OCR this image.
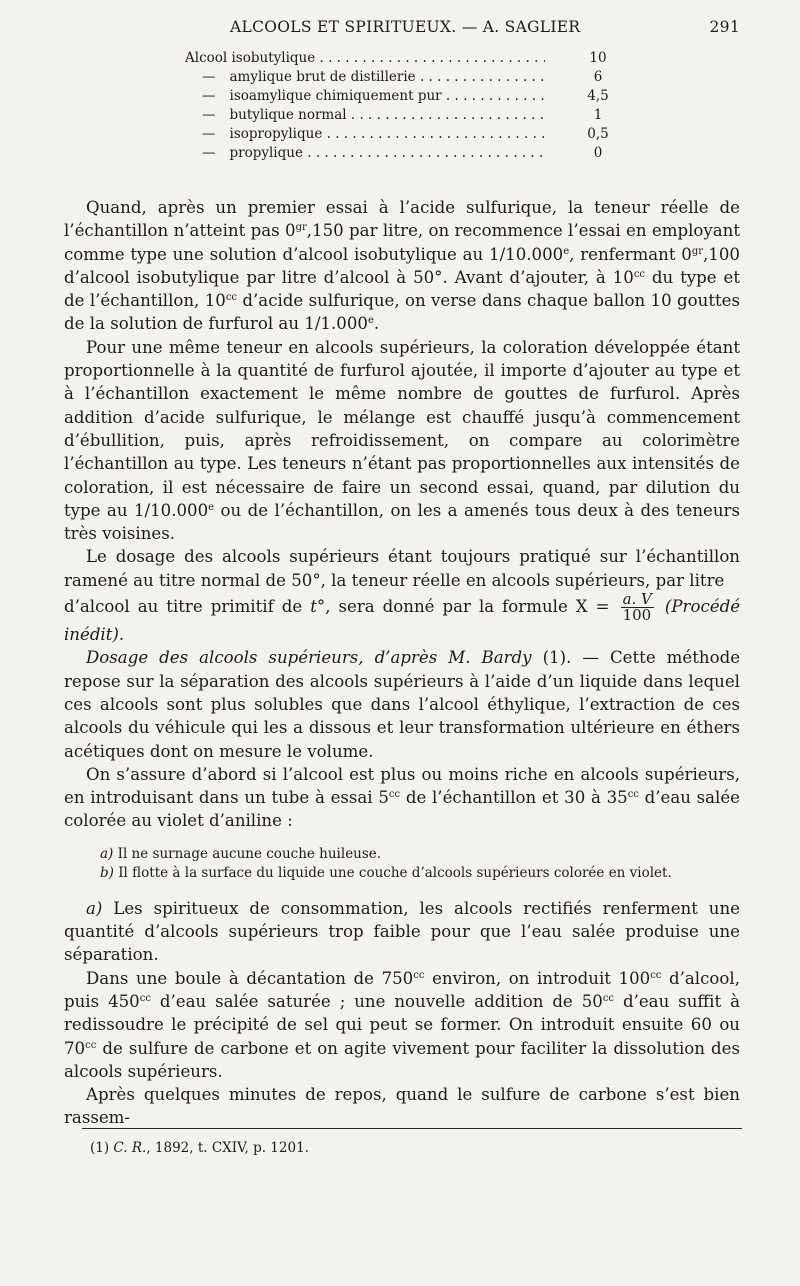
ALCOOLS ET SPIRITUEUX. — A. SAGLIER	291
Alcool isobutylique . . .	10
— amylique brut de distillerie . . .	6
— isoamylique chimiquement pur . . .	4,5
— butylique normal . . .	1
— isopropylique . . .	0,5
— propylique . . .	0

Quand, après un premier essai à l’acide sulfurique, la teneur réelle de l’échantillon n’atteint pas $0^{gr},150$ par litre, on recommence l’essai en employant comme type une solution d’alcool isobutylique au 1/10.000e, renfermant $0^{gr},100$ d’alcool isobutylique par litre d’alcool à 50°. Avant d’ajouter, à $10^{cc}$ du type et de l’échantillon, $10^{cc}$ d’acide sulfurique, on verse dans chaque ballon 10 gouttes de la solution de furfurol au 1/1.000e.

Pour une même teneur en alcools supérieurs, la coloration développée étant proportionnelle à la quantité de furfurol ajoutée, il importe d’ajouter au type et à l’échantillon exactement le même nombre de gouttes de furfurol. Après addition d’acide sulfurique, le mélange est chauffé jusqu’à commencement d’ébullition, puis, après refroidissement, on compare au colorimètre l’échantillon au type. Les teneurs n’étant pas proportionnelles aux intensités de coloration, il est nécessaire de faire un second essai, quand, par dilution du type au 1/10.000e ou de l’échantillon, on les a amenés tous deux à des teneurs très voisines.

Le dosage des alcools supérieurs étant toujours pratiqué sur l’échantillon ramené au titre normal de 50°, la teneur réelle en alcools supérieurs, par litre

d’alcool au titre primitif de t°, sera donné par la formule $X = \frac{a. V}{100}$ (Procédé

inédit).

Dosage des alcools supérieurs, d’après M. Bardy (1). — Cette méthode repose sur la séparation des alcools supérieurs à l’aide d’un liquide dans lequel ces alcools sont plus solubles que dans l’alcool éthylique, l’extraction de ces alcools du véhicule qui les a dissous et leur transformation ultérieure en éthers acétiques dont on mesure le volume.

On s’assure d’abord si l’alcool est plus ou moins riche en alcools supérieurs, en introduisant dans un tube à essai $5^{cc}$ de l’échantillon et 30 à $35^{cc}$ d’eau salée colorée au violet d’aniline :

a) Il ne surnage aucune couche huileuse.
b) Il flotte à la surface du liquide une couche d’alcools supérieurs colorée en violet.

a) Les spiritueux de consommation, les alcools rectifiés renferment une quantité d’alcools supérieurs trop faible pour que l’eau salée produise une séparation.

Dans une boule à décantation de $750^{cc}$ environ, on introduit $100^{cc}$ d’alcool, puis $450^{cc}$ d’eau salée saturée ; une nouvelle addition de $50^{cc}$ d’eau suffit à redissoudre le précipité de sel qui peut se former. On introduit ensuite 60 ou $70^{cc}$ de sulfure de carbone et on agite vivement pour faciliter la dissolution des alcools supérieurs.

Après quelques minutes de repos, quand le sulfure de carbone s’est bien rassem-

(1) C. R., 1892, t. CXIV, p. 1201.
